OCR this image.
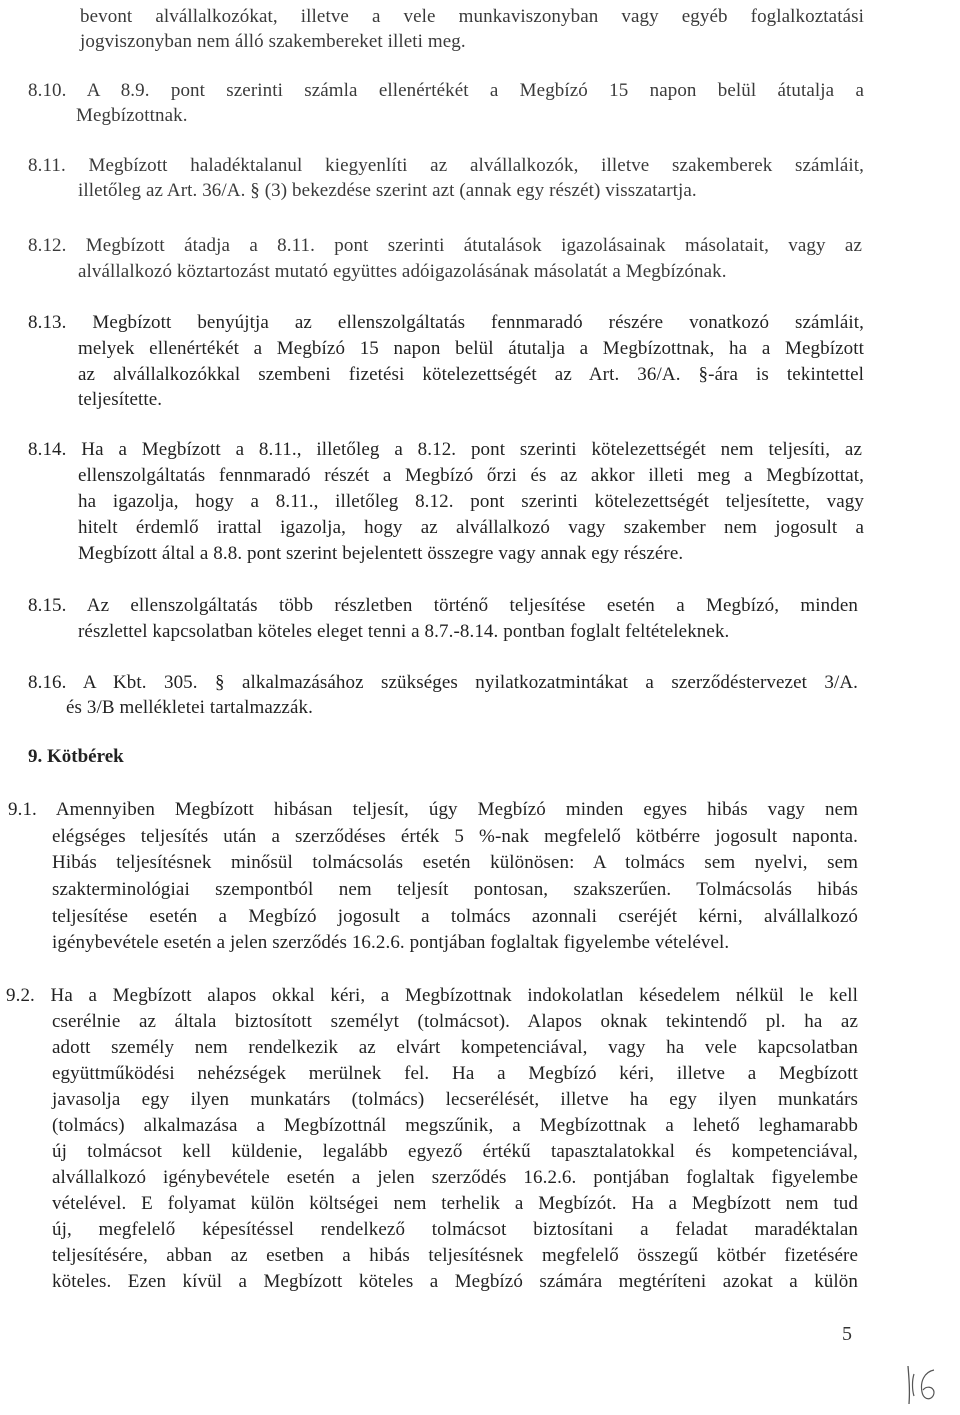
bevont alvállalkozókat, illetve a vele munkaviszonyban vagy egyéb foglalkoztatási
jogviszonyban nem álló szakembereket illeti meg.
8.10. A 8.9. pont szerinti számla ellenértékét a Megbízó 15 napon belül átutalja a
Megbízottnak.
8.11. Megbízott haladéktalanul kiegyenlíti az alvállalkozók, illetve szakemberek számláit,
illetőleg az Art. 36/A. § (3) bekezdése szerint azt (annak egy részét) visszatartja.
8.12. Megbízott átadja a 8.11. pont szerinti átutalások igazolásainak másolatait, vagy az
alvállalkozó köztartozást mutató együttes adóigazolásának másolatát a Megbízónak.
8.13. Megbízott benyújtja az ellenszolgáltatás fennmaradó részére vonatkozó számláit,
melyek ellenértékét a Megbízó 15 napon belül átutalja a Megbízottnak, ha a Megbízott
az alvállalkozókkal szembeni fizetési kötelezettségét az Art. 36/A. §-ára is tekintettel
teljesítette.
8.14. Ha a Megbízott a 8.11., illetőleg a 8.12. pont szerinti kötelezettségét nem teljesíti, az
ellenszolgáltatás fennmaradó részét a Megbízó őrzi és az akkor illeti meg a Megbízottat,
ha igazolja, hogy a 8.11., illetőleg 8.12. pont szerinti kötelezettségét teljesítette, vagy
hitelt érdemlő irattal igazolja, hogy az alvállalkozó vagy szakember nem jogosult a
Megbízott által a 8.8. pont szerint bejelentett összegre vagy annak egy részére.
8.15. Az ellenszolgáltatás több részletben történő teljesítése esetén a Megbízó, minden
részlettel kapcsolatban köteles eleget tenni a 8.7.-8.14. pontban foglalt feltételeknek.
8.16. A Kbt. 305. § alkalmazásához szükséges nyilatkozatmintákat a szerződéstervezet 3/A.
és 3/B mellékletei tartalmazzák.
9. Kötbérek
9.1. Amennyiben Megbízott hibásan teljesít, úgy Megbízó minden egyes hibás vagy nem
elégséges teljesítés után a szerződéses érték 5 %-nak megfelelő kötbérre jogosult naponta.
Hibás teljesítésnek minősül tolmácsolás esetén különösen: A tolmács sem nyelvi, sem
szakterminológiai szempontból nem teljesít pontosan, szakszerűen. Tolmácsolás hibás
teljesítése esetén a Megbízó jogosult a tolmács azonnali cseréjét kérni, alvállalkozó
igénybevétele esetén a jelen szerződés 16.2.6. pontjában foglaltak figyelembe vételével.
9.2. Ha a Megbízott alapos okkal kéri, a Megbízottnak indokolatlan késedelem nélkül le kell
cserélnie az általa biztosított személyt (tolmácsot). Alapos oknak tekintendő pl. ha az
adott személy nem rendelkezik az elvárt kompetenciával, vagy ha vele kapcsolatban
együttműködési nehézségek merülnek fel. Ha a Megbízó kéri, illetve a Megbízott
javasolja egy ilyen munkatárs (tolmács) lecserélését, illetve ha egy ilyen munkatárs
(tolmács) alkalmazása a Megbízottnál megszűnik, a Megbízottnak a lehető leghamarabb
új tolmácsot kell küldenie, legalább egyező értékű tapasztalatokkal és kompetenciával,
alvállalkozó igénybevétele esetén a jelen szerződés 16.2.6. pontjában foglaltak figyelembe
vételével. E folyamat külön költségei nem terhelik a Megbízót. Ha a Megbízott nem tud
új, megfelelő képesítéssel rendelkező tolmácsot biztosítani a feladat maradéktalan
teljesítésére, abban az esetben a hibás teljesítésnek megfelelő összegű kötbér fizetésére
köteles. Ezen kívül a Megbízott köteles a Megbízó számára megtéríteni azokat a külön
5
